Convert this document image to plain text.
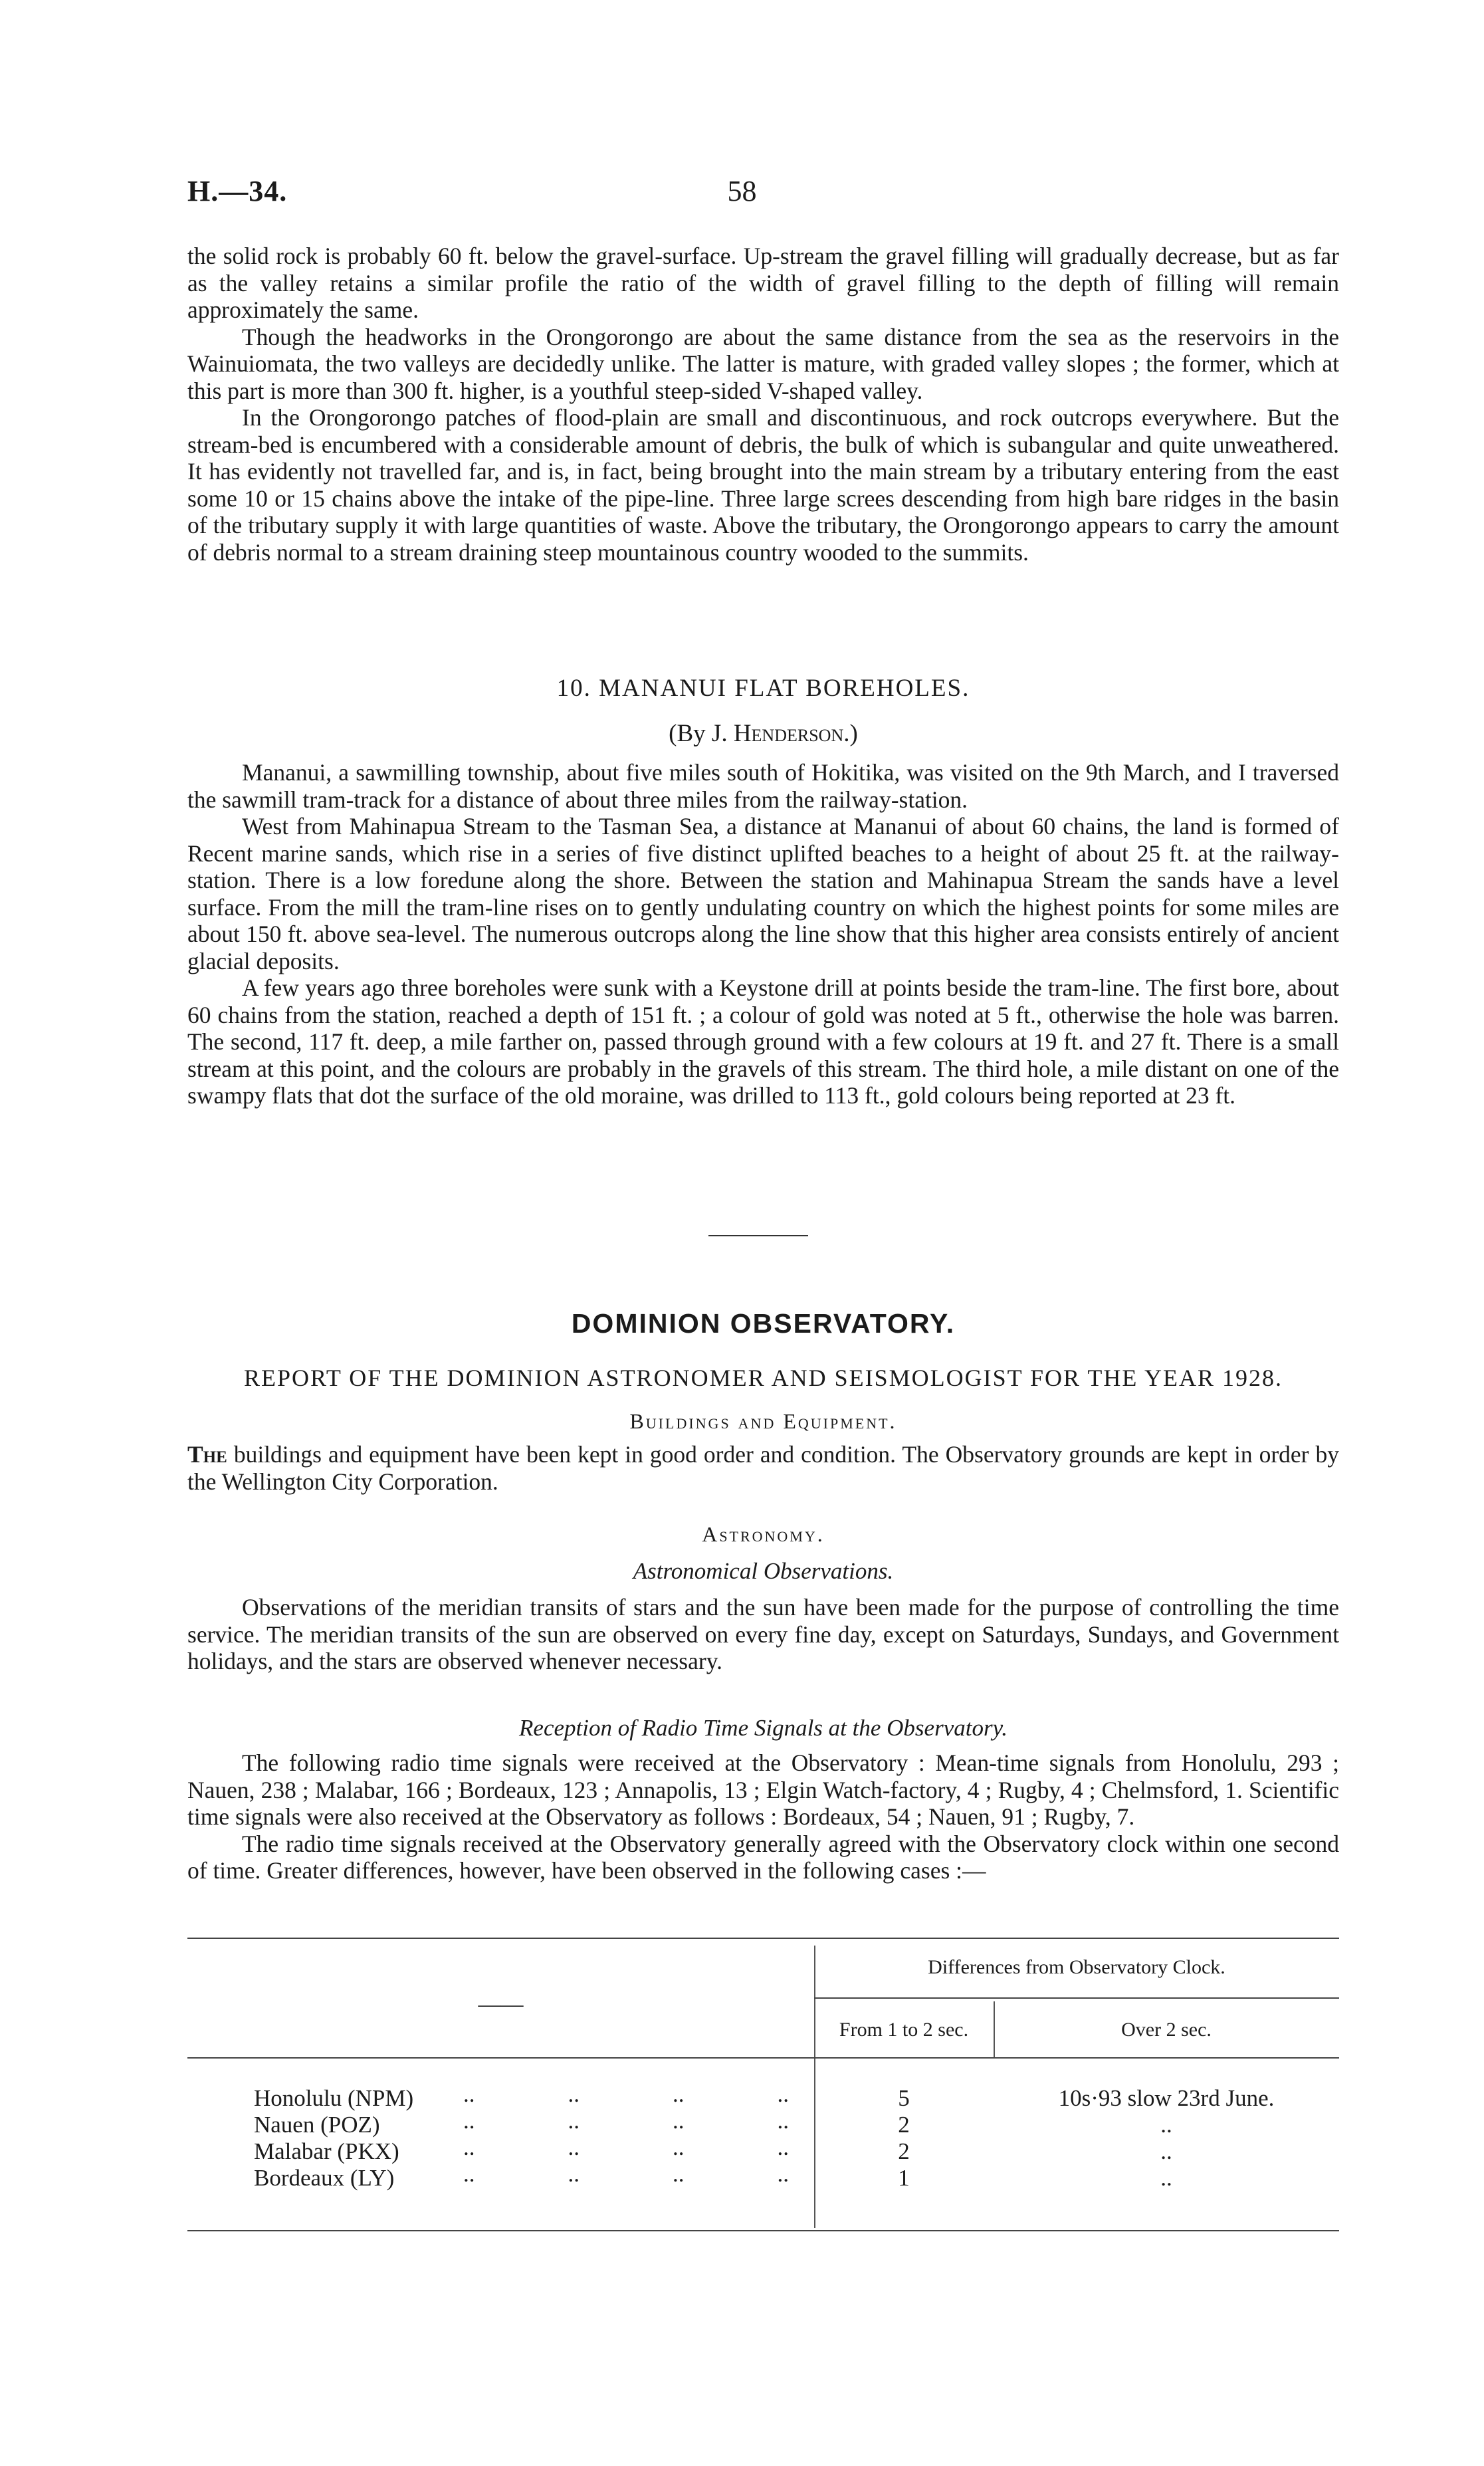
H.—34.	58

the solid rock is probably 60 ft. below the gravel-surface. Up-stream the gravel filling will gradually decrease, but as far as the valley retains a similar profile the ratio of the width of gravel filling to the depth of filling will remain approximately the same.

Though the headworks in the Orongorongo are about the same distance from the sea as the reservoirs in the Wainuiomata, the two valleys are decidedly unlike. The latter is mature, with graded valley slopes ; the former, which at this part is more than 300 ft. higher, is a youthful steep-sided V-shaped valley.

In the Orongorongo patches of flood-plain are small and discontinuous, and rock outcrops everywhere. But the stream-bed is encumbered with a considerable amount of debris, the bulk of which is subangular and quite unweathered. It has evidently not travelled far, and is, in fact, being brought into the main stream by a tributary entering from the east some 10 or 15 chains above the intake of the pipe-line. Three large screes descending from high bare ridges in the basin of the tributary supply it with large quantities of waste. Above the tributary, the Orongorongo appears to carry the amount of debris normal to a stream draining steep mountainous country wooded to the summits.

10. MANANUI FLAT BOREHOLES.
(By J. Henderson.)

Mananui, a sawmilling township, about five miles south of Hokitika, was visited on the 9th March, and I traversed the sawmill tram-track for a distance of about three miles from the railway-station.

West from Mahinapua Stream to the Tasman Sea, a distance at Mananui of about 60 chains, the land is formed of Recent marine sands, which rise in a series of five distinct uplifted beaches to a height of about 25 ft. at the railway-station. There is a low foredune along the shore. Between the station and Mahinapua Stream the sands have a level surface. From the mill the tram-line rises on to gently undulating country on which the highest points for some miles are about 150 ft. above sea-level. The numerous outcrops along the line show that this higher area consists entirely of ancient glacial deposits.

A few years ago three boreholes were sunk with a Keystone drill at points beside the tram-line. The first bore, about 60 chains from the station, reached a depth of 151 ft. ; a colour of gold was noted at 5 ft., otherwise the hole was barren. The second, 117 ft. deep, a mile farther on, passed through ground with a few colours at 19 ft. and 27 ft. There is a small stream at this point, and the colours are probably in the gravels of this stream. The third hole, a mile distant on one of the swampy flats that dot the surface of the old moraine, was drilled to 113 ft., gold colours being reported at 23 ft.

DOMINION OBSERVATORY.
REPORT OF THE DOMINION ASTRONOMER AND SEISMOLOGIST FOR THE YEAR 1928.
Buildings and Equipment.

The buildings and equipment have been kept in good order and condition. The Observatory grounds are kept in order by the Wellington City Corporation.

Astronomy.
Astronomical Observations.

Observations of the meridian transits of stars and the sun have been made for the purpose of controlling the time service. The meridian transits of the sun are observed on every fine day, except on Saturdays, Sundays, and Government holidays, and the stars are observed whenever necessary.

Reception of Radio Time Signals at the Observatory.

The following radio time signals were received at the Observatory : Mean-time signals from Honolulu, 293 ; Nauen, 238 ; Malabar, 166 ; Bordeaux, 123 ; Annapolis, 13 ; Elgin Watch-factory, 4 ; Rugby, 4 ; Chelmsford, 1. Scientific time signals were also received at the Observatory as follows : Bordeaux, 54 ; Nauen, 91 ; Rugby, 7.

The radio time signals received at the Observatory generally agreed with the Observatory clock within one second of time. Greater differences, however, have been observed in the following cases :—

Differences from Observatory Clock.
——
From 1 to 2 sec.	Over 2 sec.
Honolulu (NPM) ..	..	..	..	5	10s·93 slow 23rd June.
Nauen (POZ)	..	..	..	..	2	..
Malabar (PKX)	..	..	..	..	2	..
Bordeaux (LY)	..	..	..	..	1	..
